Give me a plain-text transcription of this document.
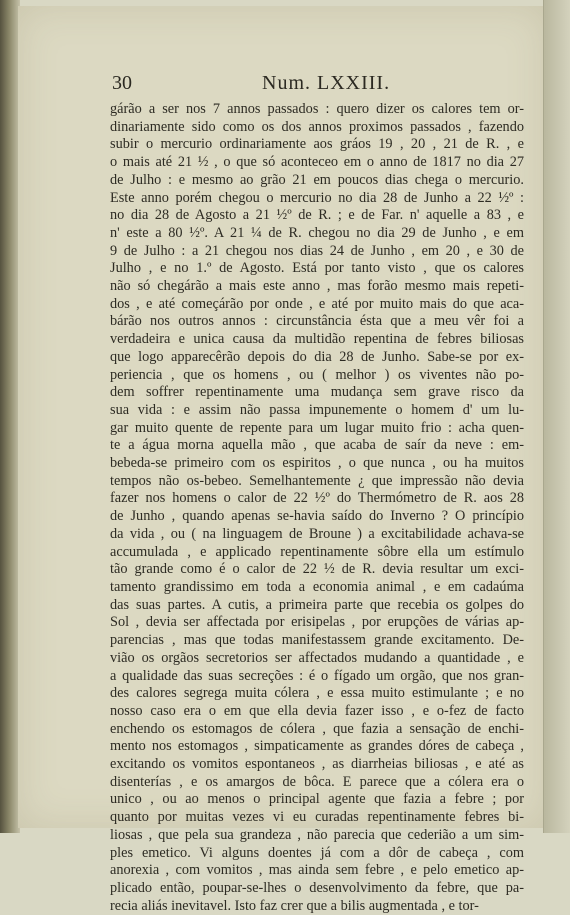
30	Num. LXXIII.
gárão a ser nos 7 annos passados : quero dizer os calores tem or-
dinariamente sido como os dos annos proximos passados , fazendo
subir o mercurio ordinariamente aos gráos 19 , 20 , 21 de R. , e
o mais até 21 ½ , o que só aconteceo em o anno de 1817 no dia 27
de Julho : e mesmo ao grão 21 em poucos dias chega o mercurio.
Este anno porém chegou o mercurio no dia 28 de Junho a 22 ½º :
no dia 28 de Agosto a 21 ½º de R. ; e de Far. n' aquelle a 83 , e
n' este a 80 ½º. A 21 ¼ de R. chegou no dia 29 de Junho , e em
9 de Julho : a 21 chegou nos dias 24 de Junho , em 20 , e 30 de
Julho , e no 1.º de Agosto. Está por tanto visto , que os calores
não só chegárão a mais este anno , mas forão mesmo mais repeti-
dos , e até começárão por onde , e até por muito mais do que aca-
bárão nos outros annos : circunstância ésta que a meu vêr foi a
verdadeira e unica causa da multidão repentina de febres biliosas
que logo apparecêrão depois do dia 28 de Junho. Sabe-se por ex-
periencia , que os homens , ou ( melhor ) os viventes não po-
dem soffrer repentinamente uma mudança sem grave risco da
sua vida : e assim não passa impunemente o homem d' um lu-
gar muito quente de repente para um lugar muito frio : acha quen-
te a água morna aquella mão , que acaba de saír da neve : em-
bebeda-se primeiro com os espiritos , o que nunca , ou ha muitos
tempos não os-bebeo. Semelhantemente ¿ que impressão não devia
fazer nos homens o calor de 22 ½º do Thermómetro de R. aos 28
de Junho , quando apenas se-havia saído do Inverno ? O princípio
da vida , ou ( na linguagem de Broune ) a excitabilidade achava-se
accumulada , e applicado repentinamente sôbre ella um estímulo
tão grande como é o calor de 22 ½ de R. devia resultar um exci-
tamento grandissimo em toda a economia animal , e em cadaúma
das suas partes. A cutis, a primeira parte que recebia os golpes do
Sol , devia ser affectada por erisipelas , por erupções de várias ap-
parencias , mas que todas manifestassem grande excitamento. De-
vião os orgãos secretorios ser affectados mudando a quantidade , e
a qualidade das suas secreções : é o fígado um orgão, que nos gran-
des calores segrega muita cólera , e essa muito estimulante ; e no
nosso caso era o em que ella devia fazer isso , e o-fez de facto
enchendo os estomagos de cólera , que fazia a sensação de enchi-
mento nos estomagos , simpaticamente as grandes dóres de cabeça ,
excitando os vomitos espontaneos , as diarrheias biliosas , e até as
disenterías , e os amargos de bôca. E parece que a cólera era o
unico , ou ao menos o principal agente que fazia a febre ; por
quanto por muitas vezes vi eu curadas repentinamente febres bi-
liosas , que pela sua grandeza , não parecia que cederião a um sim-
ples emetico. Vi alguns doentes já com a dôr de cabeça , com
anorexia , com vomitos , mas ainda sem febre , e pelo emetico ap-
plicado então, poupar-se-lhes o desenvolvimento da febre, que pa-
recia aliás inevitavel. Isto faz crer que a bilis augmentada , e tor-
